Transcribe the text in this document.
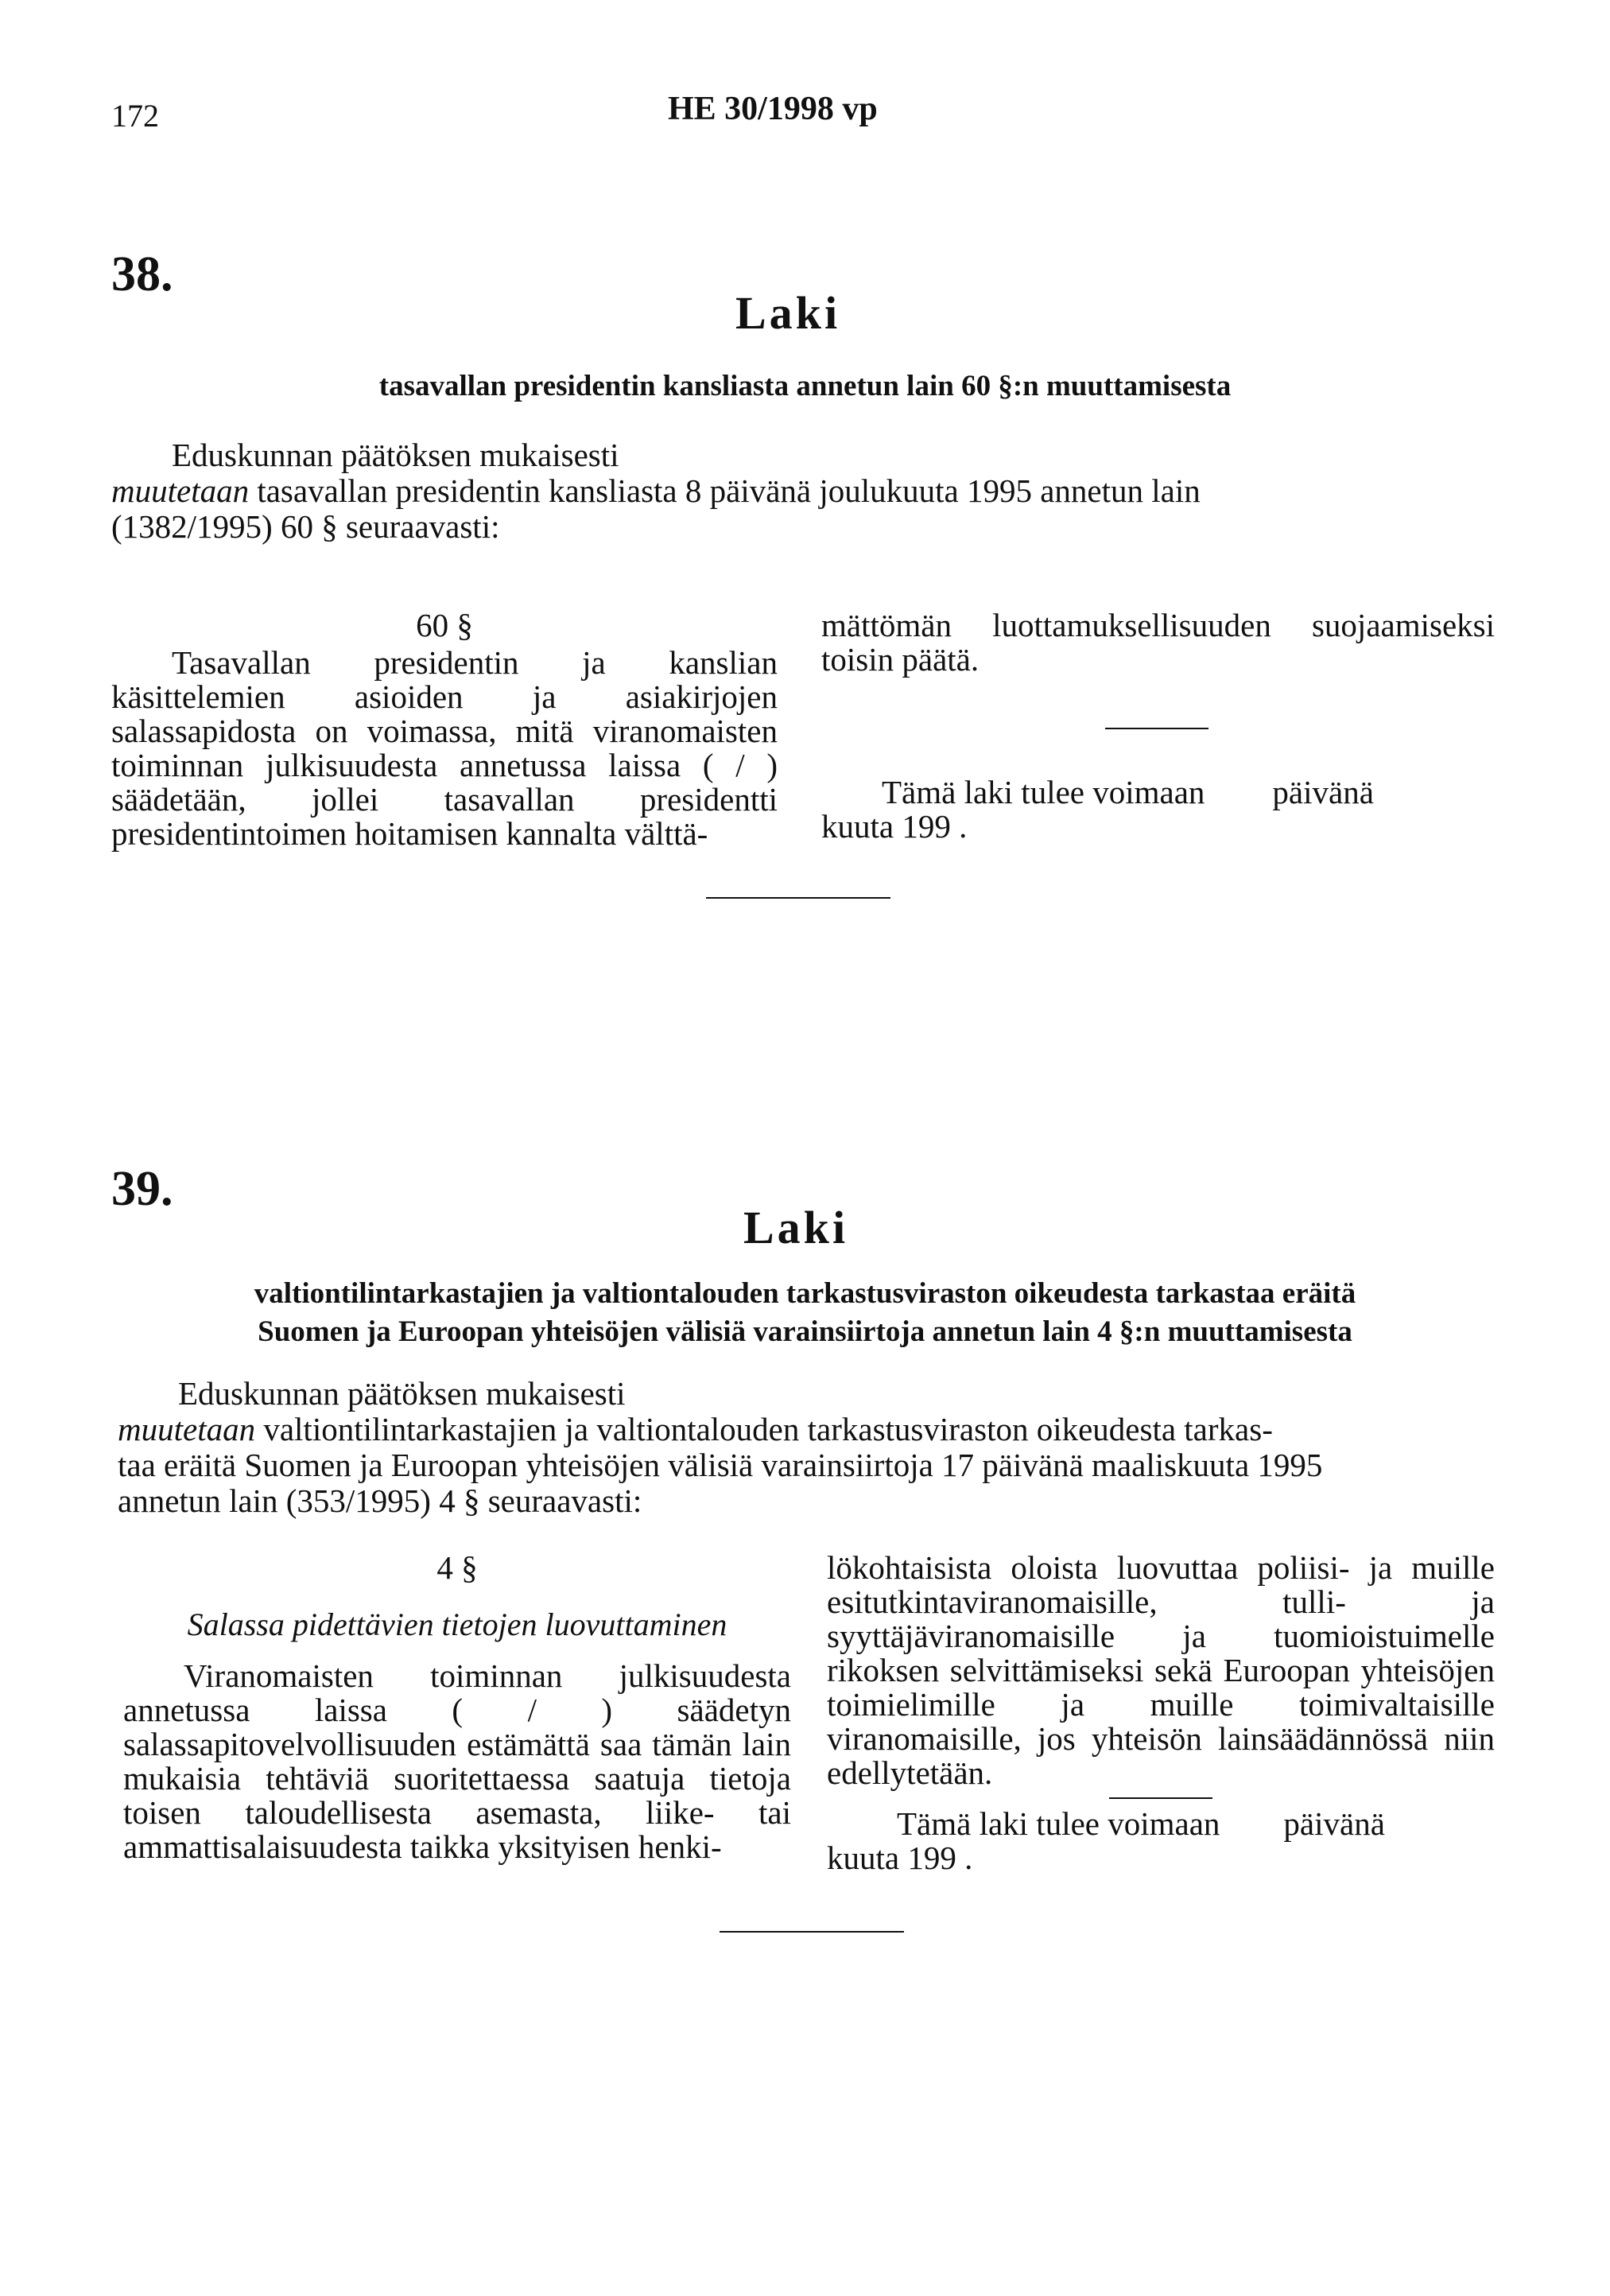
172	HE 30/1998 vp
38.
Laki
tasavallan presidentin kansliasta annetun lain 60 §:n muuttamisesta

Eduskunnan päätöksen mukaisesti

muutetaan tasavallan presidentin kansliasta 8 päivänä joulukuuta 1995 annetun lain

(1382/1995) 60 § seuraavasti:

60 §

Tasavallan presidentin ja kanslian käsittelemien asioiden ja asiakirjojen salassapidosta on voimassa, mitä viranomaisten toiminnan julkisuudesta annetussa laissa ( / ) säädetään, jollei tasavallan presidentti presidentintoimen hoitamisen kannalta välttä-

mättömän luottamuksellisuuden suojaamiseksi toisin päätä.

Tämä laki tulee voimaan päivänä

kuuta 199 .

39.
Laki
valtiontilintarkastajien ja valtiontalouden tarkastusviraston oikeudesta tarkastaa eräitä
Suomen ja Euroopan yhteisöjen välisiä varainsiirtoja annetun lain 4 §:n muuttamisesta

Eduskunnan päätöksen mukaisesti

muutetaan valtiontilintarkastajien ja valtiontalouden tarkastusviraston oikeudesta tarkas-

taa eräitä Suomen ja Euroopan yhteisöjen välisiä varainsiirtoja 17 päivänä maaliskuuta 1995

annetun lain (353/1995) 4 § seuraavasti:

4 §

Salassa pidettävien tietojen luovuttaminen

Viranomaisten toiminnan julkisuudesta annetussa laissa ( / ) säädetyn salassapitovelvollisuuden estämättä saa tämän lain mukaisia tehtäviä suoritettaessa saatuja tietoja toisen taloudellisesta asemasta, liike- tai ammattisalaisuudesta taikka yksityisen henki-

lökohtaisista oloista luovuttaa poliisi- ja muille esitutkintaviranomaisille, tulli- ja syyttäjäviranomaisille ja tuomioistuimelle rikoksen selvittämiseksi sekä Euroopan yhteisöjen toimielimille ja muille toimivaltaisille viranomaisille, jos yhteisön lainsäädännössä niin edellytetään.

Tämä laki tulee voimaan päivänä

kuuta 199 .
